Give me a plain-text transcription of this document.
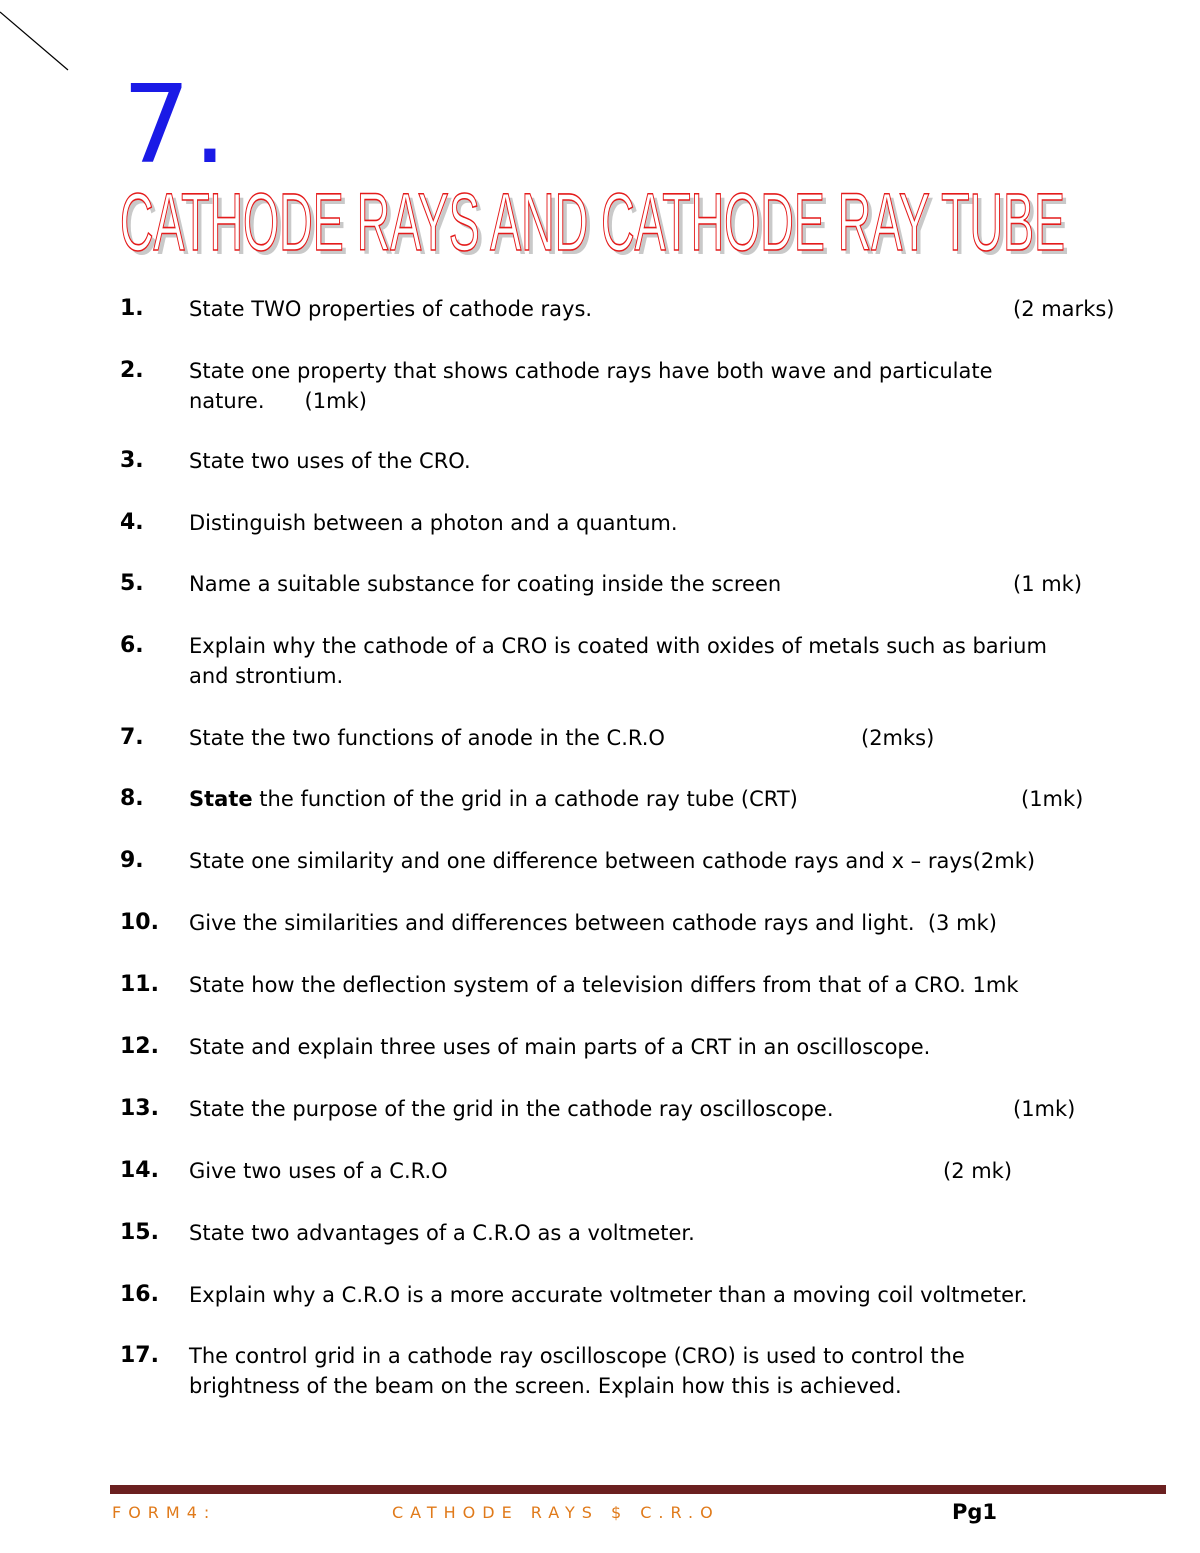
7.
CATHODE RAYS AND CATHODE RAY TUBE
CATHODE RAYS AND CATHODE RAY TUBE
1. State TWO properties of cathode rays.	(2 marks)
2. State one property that shows cathode rays have both wave and particulate
nature.      (1mk)
3. State two uses of the CRO.
4. Distinguish between a photon and a quantum.
5. Name a suitable substance for coating inside the screen	(1 mk)
6. Explain why the cathode of a CRO is coated with oxides of metals such as barium
and strontium.
7. State the two functions of anode in the C.R.O	(2mks)
8. State the function of the grid in a cathode ray tube (CRT)	(1mk)
9. State one similarity and one difference between cathode rays and x – rays(2mk)
10. Give the similarities and differences between cathode rays and light.  (3 mk)
11. State how the deflection system of a television differs from that of a CRO. 1mk
12. State and explain three uses of main parts of a CRT in an oscilloscope.
13. State the purpose of the grid in the cathode ray oscilloscope.	(1mk)
14. Give two uses of a C.R.O	(2 mk)
15. State two advantages of a C.R.O as a voltmeter.
16. Explain why a C.R.O is a more accurate voltmeter than a moving coil voltmeter.
17. The control grid in a cathode ray oscilloscope (CRO) is used to control the
brightness of the beam on the screen. Explain how this is achieved.
FORM4:	CATHODE RAYS $ C.R.O	Pg1
